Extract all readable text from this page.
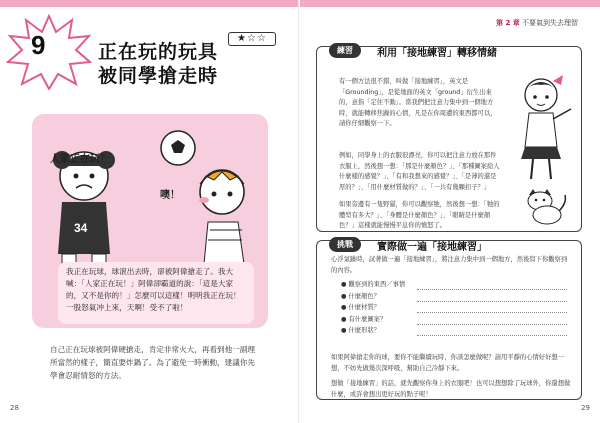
9	正在玩的玩具
被同學搶走時
★☆☆
34
人家正在玩！
噢！
我正在玩球，球滾出去時，卻被阿偉搶走了。我大喊：「人家正在玩！」阿偉卻霸道的說：「這是大家的，又不是你的！」怎麼可以這樣！明明我正在玩！一股怒氣冲上來，天啊！受不了啦！
自己正在玩球被阿偉硬搶走，肯定非常火大，再看到他一副理所當然的樣子，簡直要炸鍋了。為了避免一時衝動，建議你先學會忍耐情怒的方法。
28
第 2 章 不要氣到失去理智
練習	利用「接地練習」轉移情緒
有一個方法很不錯，叫做「接地練習」，英文是「Grounding」，是從地面的英文「ground」衍生出來的，意指「定住不動」。當我們把注意力集中到一個地方時，就能轉移焦躁的心情，凡是在你周遭的東西都可以，請你仔細觀察一下。
例如，同學身上的衣服很漂亮，你可以把注意力放在那件衣服上，然後想一想：「那是什麼顏色？」、「那種圖案給人什麼樣的感覺？」、「有和我想來的感覺？」、「是薄的還是厚的？」、「用什麼材質做的？」、「一共有幾顆扣子？」
如果旁邊有一隻野貓，你可以觀察牠，然後想一想：「牠的體型有多大？」、「身體是什麼顏色？」、「眼睛是什麼顏色？」這樣就能慢慢平息你的憤怒了。
挑戰	實際做一遍「接地練習」
心浮氣躁時，試著做一遍「接地練習」，將注意力集中到一個地方，然後寫下你觀察到的內容。
● 觀察到的東西／事情
● 什麼顏色？
● 什麼材質？
● 有什麼圖案？
● 什麼形狀？
如果阿偉搶走你的球，要你不能繼續玩時，你該怎麼做呢？請用平靜的心情好好想一想，不妨先做幾次深呼吸，幫助自己冷靜下來。
想做「接地練習」的話，就先觀察你身上的衣服吧！也可以想想除了玩球外，你還想做什麼，或許會想出更好玩的點子呢！
29
